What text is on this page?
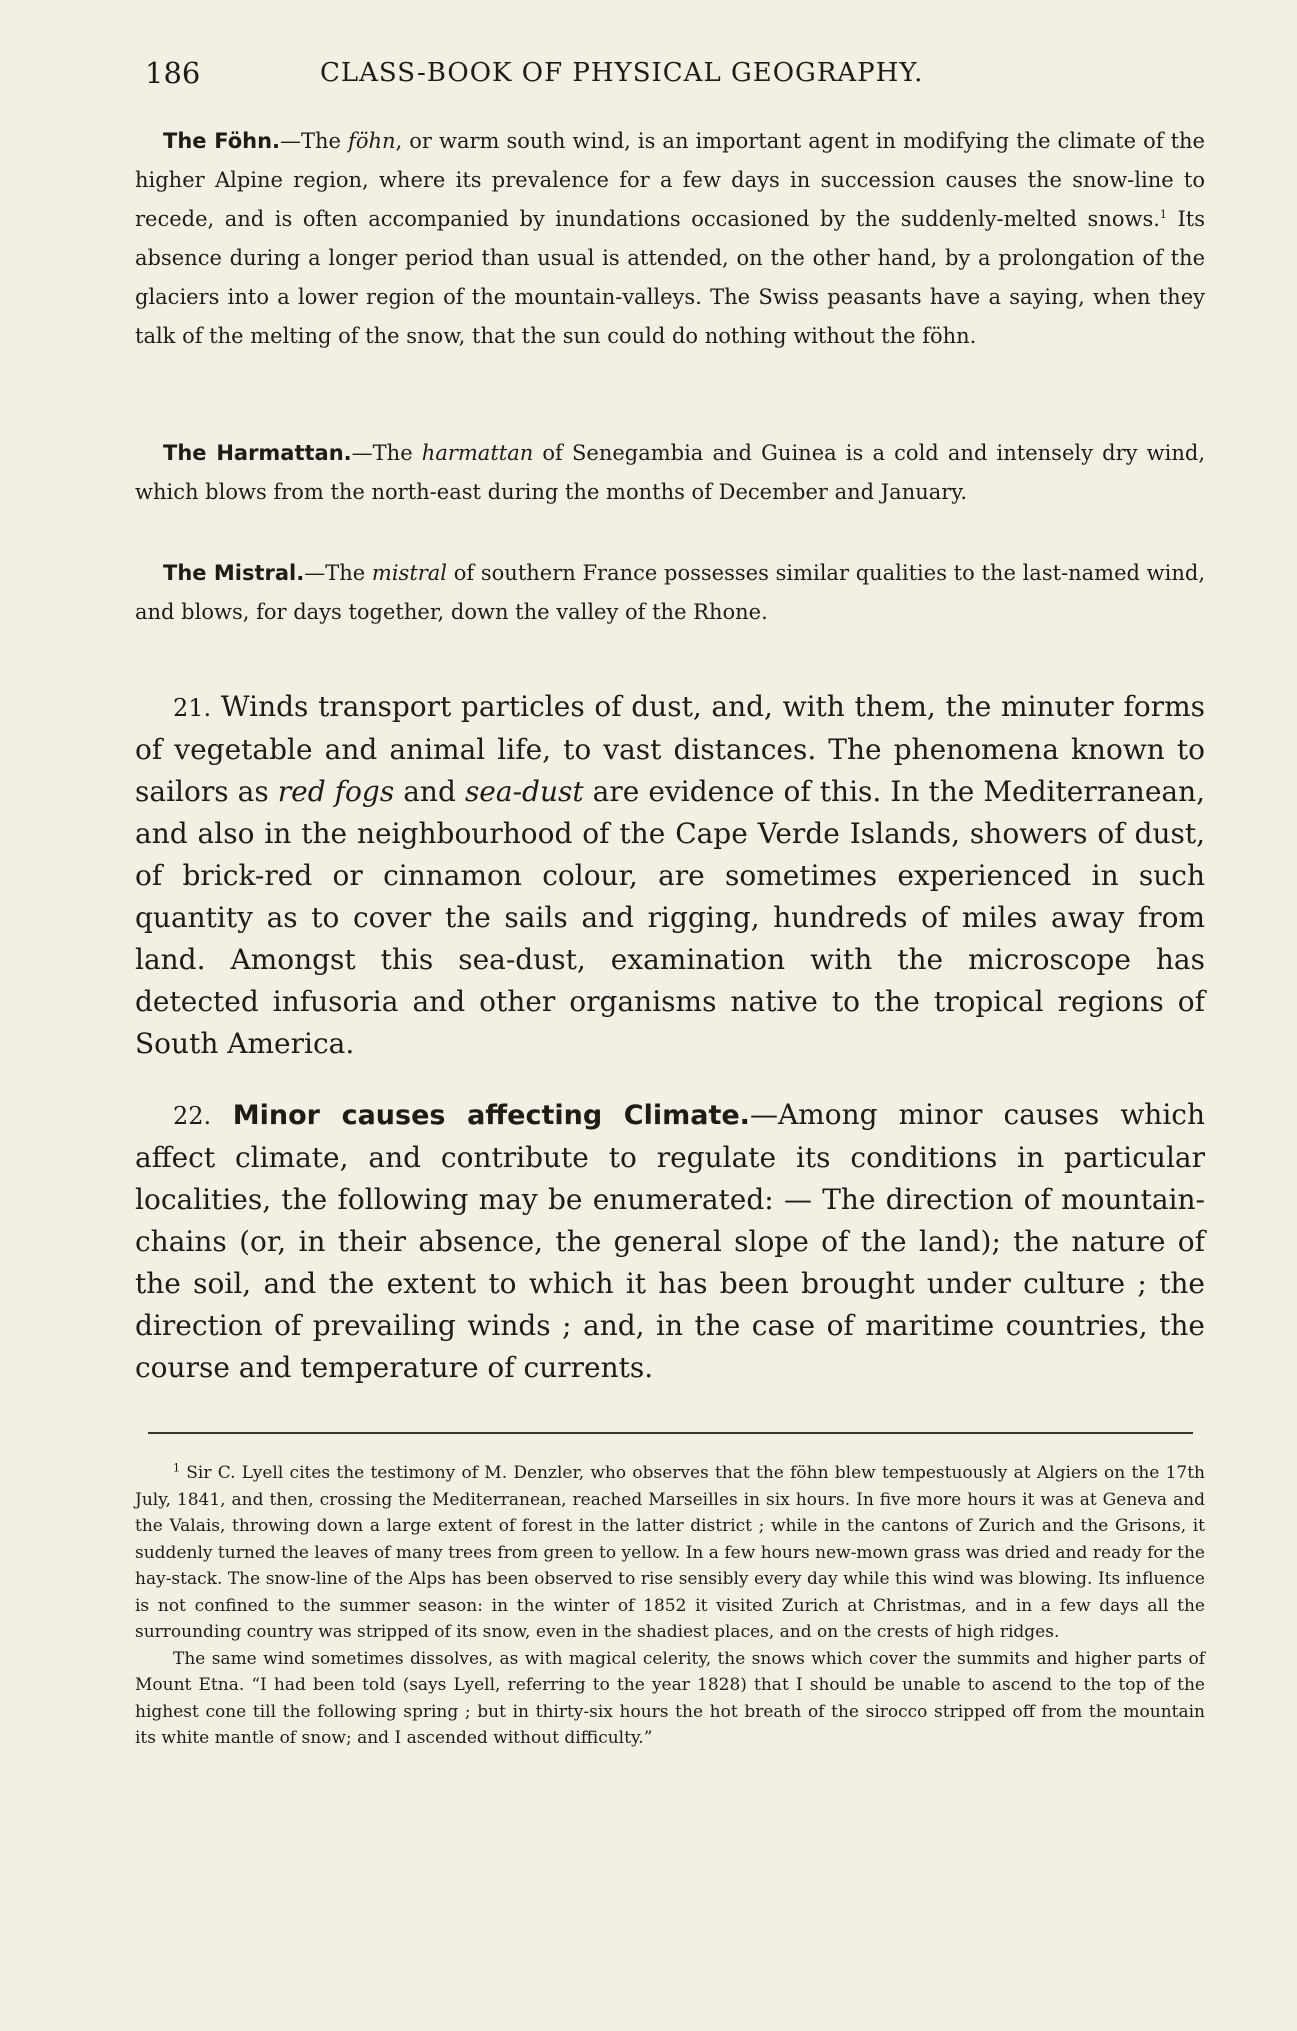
186	CLASS-BOOK OF PHYSICAL GEOGRAPHY.

The Föhn.—The föhn, or warm south wind, is an important agent in modifying the climate of the higher Alpine region, where its prevalence for a few days in succession causes the snow-line to recede, and is often accompanied by inundations occasioned by the suddenly-melted snows.$^1$ Its absence during a longer period than usual is attended, on the other hand, by a prolongation of the glaciers into a lower region of the mountain-valleys. The Swiss peasants have a saying, when they talk of the melting of the snow, that the sun could do nothing without the föhn.

The Harmattan.—The harmattan of Senegambia and Guinea is a cold and intensely dry wind, which blows from the north-east during the months of December and January.

The Mistral.—The mistral of southern France possesses similar qualities to the last-named wind, and blows, for days together, down the valley of the Rhone.

21. Winds transport particles of dust, and, with them, the minuter forms of vegetable and animal life, to vast distances. The phenomena known to sailors as red fogs and sea-dust are evidence of this. In the Mediterranean, and also in the neighbourhood of the Cape Verde Islands, showers of dust, of brick-red or cinnamon colour, are sometimes experienced in such quantity as to cover the sails and rigging, hundreds of miles away from land. Amongst this sea-dust, examination with the microscope has detected infusoria and other organisms native to the tropical regions of South America.

22. Minor causes affecting Climate.—Among minor causes which affect climate, and contribute to regulate its conditions in particular localities, the following may be enumerated: — The direction of mountain-chains (or, in their absence, the general slope of the land); the nature of the soil, and the extent to which it has been brought under culture ; the direction of prevailing winds ; and, in the case of maritime countries, the course and temperature of currents.

$^1$ Sir C. Lyell cites the testimony of M. Denzler, who observes that the föhn blew tempestuously at Algiers on the 17th July, 1841, and then, crossing the Mediterranean, reached Marseilles in six hours. In five more hours it was at Geneva and the Valais, throwing down a large extent of forest in the latter district ; while in the cantons of Zurich and the Grisons, it suddenly turned the leaves of many trees from green to yellow. In a few hours new-mown grass was dried and ready for the hay-stack. The snow-line of the Alps has been observed to rise sensibly every day while this wind was blowing. Its influence is not confined to the summer season: in the winter of 1852 it visited Zurich at Christmas, and in a few days all the surrounding country was stripped of its snow, even in the shadiest places, and on the crests of high ridges.

The same wind sometimes dissolves, as with magical celerity, the snows which cover the summits and higher parts of Mount Etna. “I had been told (says Lyell, referring to the year 1828) that I should be unable to ascend to the top of the highest cone till the following spring ; but in thirty-six hours the hot breath of the sirocco stripped off from the mountain its white mantle of snow; and I ascended without difficulty.”
